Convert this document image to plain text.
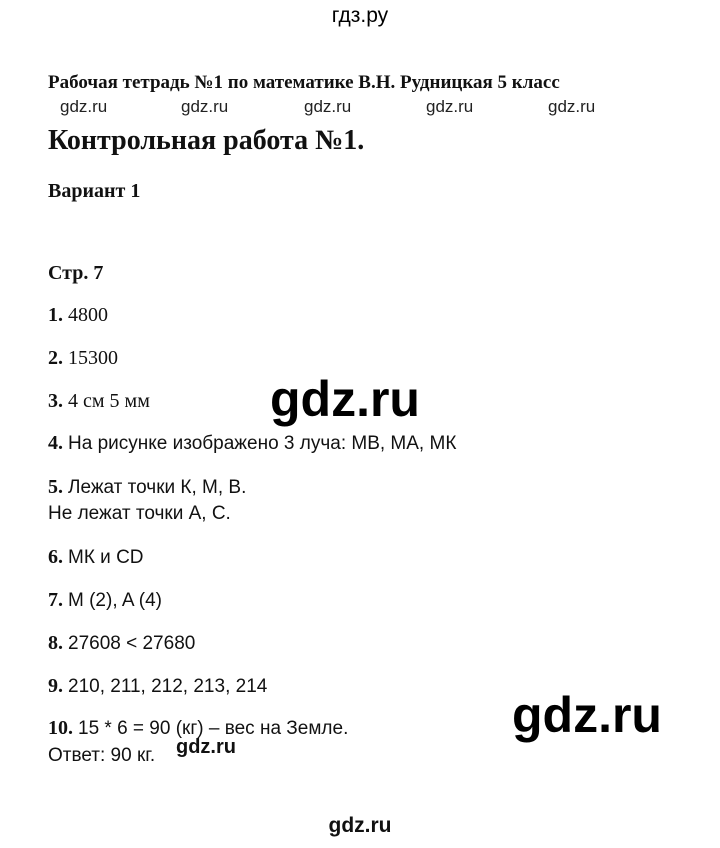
гдз.ру
Рабочая тетрадь №1 по математике В.Н. Рудницкая 5 класс
gdz.ru	gdz.ru	gdz.ru	gdz.ru	gdz.ru
Контрольная работа №1.
Вариант 1
Стр. 7
1. 4800
2. 15300
3. 4 см 5 мм
4. На рисунке изображено 3 луча: МВ, МА, МК
5. Лежат точки К, М, В.
Не лежат точки А, С.
6. МК и CD
7. M (2), A (4)
8. 27608 < 27680
9. 210, 211, 212, 213, 214
10. 15 * 6 = 90 (кг) – вес на Земле.
Ответ: 90 кг.
gdz.ru
gdz.ru
gdz.ru
gdz.ru
